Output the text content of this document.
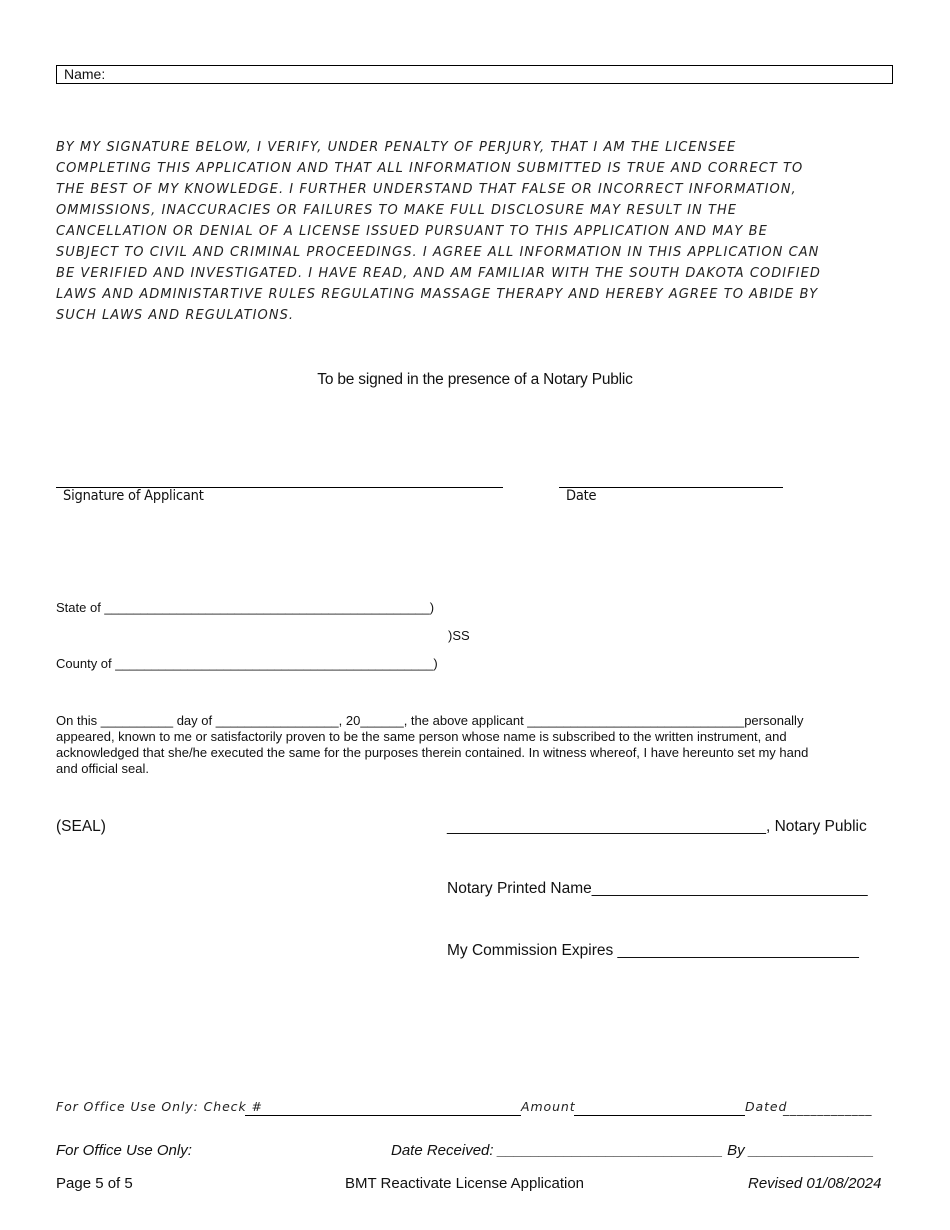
Name:
BY MY SIGNATURE BELOW, I VERIFY, UNDER PENALTY OF PERJURY, THAT I AM THE LICENSEE
COMPLETING THIS APPLICATION AND THAT ALL INFORMATION SUBMITTED IS TRUE AND CORRECT TO
THE BEST OF MY KNOWLEDGE. I FURTHER UNDERSTAND THAT FALSE OR INCORRECT INFORMATION,
OMMISSIONS, INACCURACIES OR FAILURES TO MAKE FULL DISCLOSURE MAY RESULT IN THE
CANCELLATION OR DENIAL OF A LICENSE ISSUED PURSUANT TO THIS APPLICATION AND MAY BE
SUBJECT TO CIVIL AND CRIMINAL PROCEEDINGS. I AGREE ALL INFORMATION IN THIS APPLICATION CAN
BE VERIFIED AND INVESTIGATED. I HAVE READ, AND AM FAMILIAR WITH THE SOUTH DAKOTA CODIFIED
LAWS AND ADMINISTARTIVE RULES REGULATING MASSAGE THERAPY AND HEREBY AGREE TO ABIDE BY
SUCH LAWS AND REGULATIONS.
To be signed in the presence of a Notary Public
Signature of Applicant	Date
State of _____________________________________________)
)SS
County of ____________________________________________)
On this __________ day of _________________, 20______, the above applicant ______________________________personally
appeared, known to me or satisfactorily proven to be the same person whose name is subscribed to the written instrument, and
acknowledged that she/he executed the same for the purposes therein contained. In witness whereof, I have hereunto set my hand
and official seal.
(SEAL)	_____________________________________, Notary Public
Notary Printed Name________________________________
My Commission Expires ____________________________
For Office Use Only: Check #	Amount	Dated
_____________
For Office Use Only:	Date Received: ___________________________ By _______________
Page 5 of 5	BMT Reactivate License Application	Revised 01/08/2024
